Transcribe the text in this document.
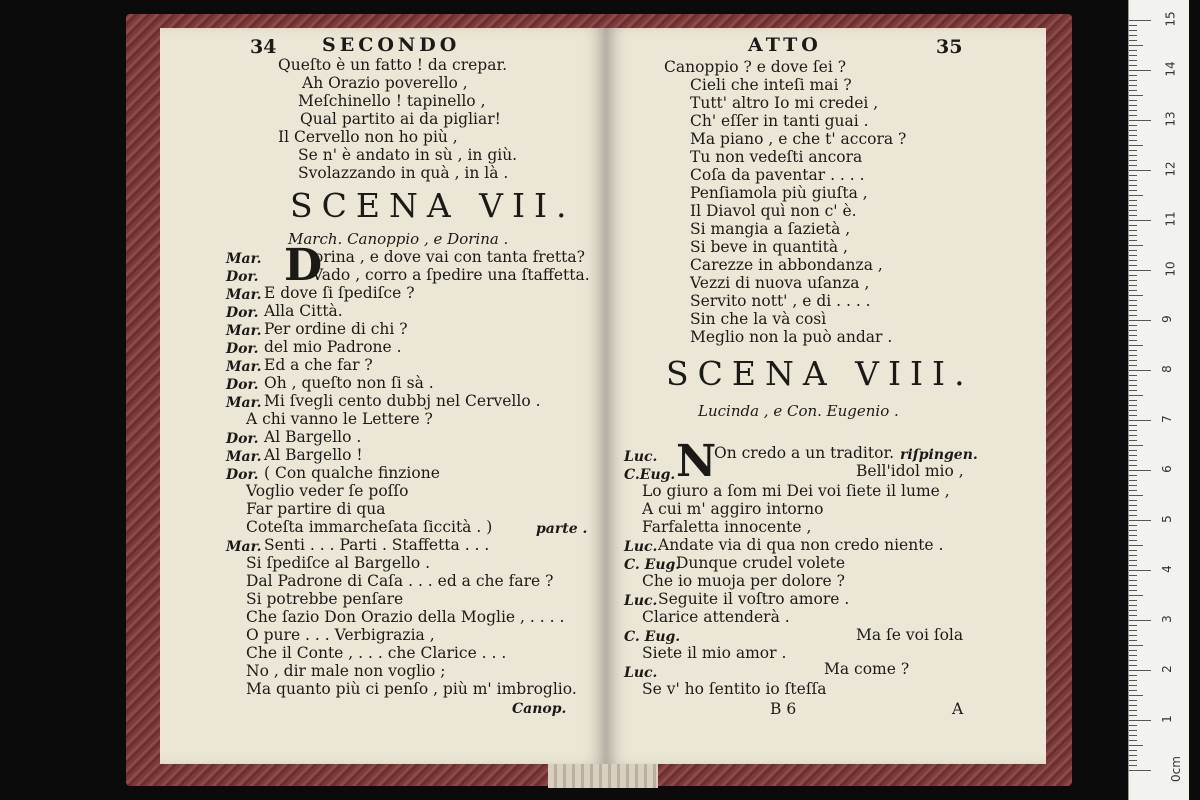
34 SECONDO
Queſto è un fatto ! da crepar.
Ah Orazio poverello ,
Meſchinello ! tapinello ,
Qual partito ai da pigliar!
Il Cervello non ho più ,
Se n' è andato in sù , in giù.
Svolazzando in quà , in là .
SCENA VII.
March. Canoppio , e Dorina .
D
Mar.	orina , e dove vai con tanta fretta?
Dor.	Vado , corro a ſpedire una ſtaffetta.
Mar. E dove ſi ſpediſce ?
Dor. Alla Città.
Mar. Per ordine di chi ?
Dor. del mio Padrone .
Mar. Ed a che far ?
Dor. Oh , queſto non ſi sà .
Mar. Mi ſvegli cento dubbj nel Cervello .
A chi vanno le Lettere ?
Dor. Al Bargello .
Mar. Al Bargello !
Dor. ( Con qualche finzione
Voglio veder ſe poſſo
Far partire di qua
Coteſta immarcheſata ſiccità . )	parte .
Mar. Senti . . . Parti . Staffetta . . .
Si ſpediſce al Bargello .
Dal Padrone di Caſa . . . ed a che fare ?
Si potrebbe penſare
Che ſazio Don Orazio della Moglie , . . . .
O pure . . . Verbigrazia ,
Che il Conte , . . . che Clarice . . .
No , dir male non voglio ;
Ma quanto più ci penſo , più m' imbroglio.
Canop.
ATTO	35
Canoppio ? e dove ſei ?
Cieli che inteſi mai ?
Tutt' altro Io mi credei ,
Ch' eſſer in tanti guai .
Ma piano , e che t' accora ?
Tu non vedeſti ancora
Coſa da paventar . . . .
Penſiamola più giuſta ,
Il Diavol quì non c' è.
Si mangia a ſazietà ,
Si beve in quantità ,
Carezze in abbondanza ,
Vezzi di nuova uſanza ,
Servito nott' , e di . . . .
Sin che la và così
Meglio non la può andar .
SCENA VIII.
Lucinda , e Con. Eugenio .
N
Luc.	On credo a un traditor. riſpingen.
C.Eug.	Bell'idol mio ,
Lo giuro a ſom mi Dei voi ſiete il lume ,
A cui m' aggiro intorno
Farfaletta innocente ,
Luc. Andate via di qua non credo niente .
C. Eug.
Dunque crudel volete
Che io muoja per dolore ?
Luc. Seguite il voſtro amore .
Clarice attenderà .
C. Eug.	Ma ſe voi ſola
Siete il mio amor .
Luc.	Ma come ?
Se v' ho ſentito io ſteſſa
B 6	A
1
2
3
4
5
6
7
8
9
10
11
12
13
14
15
0cm
